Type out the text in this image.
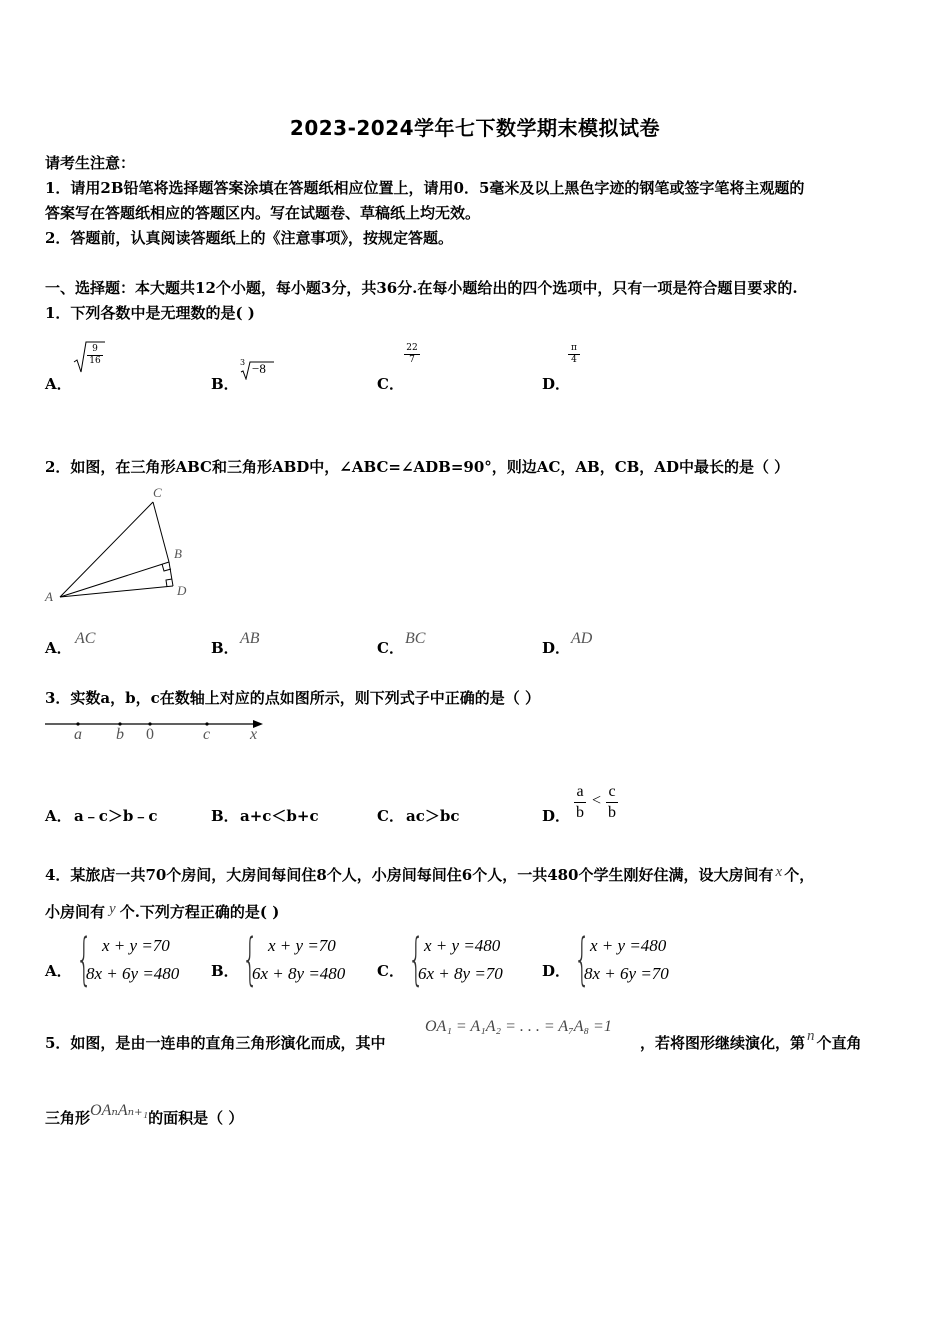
2023-2024学年七下数学期末模拟试卷
请考生注意：
1．请用2B铅笔将选择题答案涂填在答题纸相应位置上，请用0．5毫米及以上黑色字迹的钢笔或签字笔将主观题的
答案写在答题纸相应的答题区内。写在试题卷、草稿纸上均无效。
2．答题前，认真阅读答题纸上的《注意事项》，按规定答题。
一、选择题：本大题共12个小题，每小题3分，共36分.在每小题给出的四个选项中，只有一项是符合题目要求的.
1．下列各数中是无理数的是( )
A．
$\frac{9}{16}$
B．
3 −8
C．
$\frac{22}{7}$
D．
$\frac{\pi}{4}$
2．如图，在三角形ABC和三角形ABD中，∠ABC=∠ADB=90°，则边AC，AB，CB，AD中最长的是（ ）
A
C
B
D
A．
AC
B．
AB
C．
BC
D．
AD
3．实数a，b，c在数轴上对应的点如图所示，则下列式子中正确的是（ ）
a b 0	c x
A． a﹣c＞b﹣c	B． a+c＜b+c	C． ac＞bc	D． $\frac{a}{b} < \frac{c}{b}$
4．某旅店一共70个房间，大房间每间住8个人，小房间每间住6个人，一共480个学生刚好住满，设大房间有 x 个，
小房间有 y 个.下列方程正确的是( )
A． { x + y =70
8x + 6y =480 B． { x + y =70
6x + 8y =480 C． { x + y =480
6x + 8y =70	D． { x + y =480
8x + 6y =70
5．如图，是由一连串的直角三角形演化而成，其中
OA₁ = A₁A₂ = . . . = A₇A₈ =1
，若将图形继续演化，第 n 个直角
三角形OAₙAₙ₊₁的面积是（ ）
